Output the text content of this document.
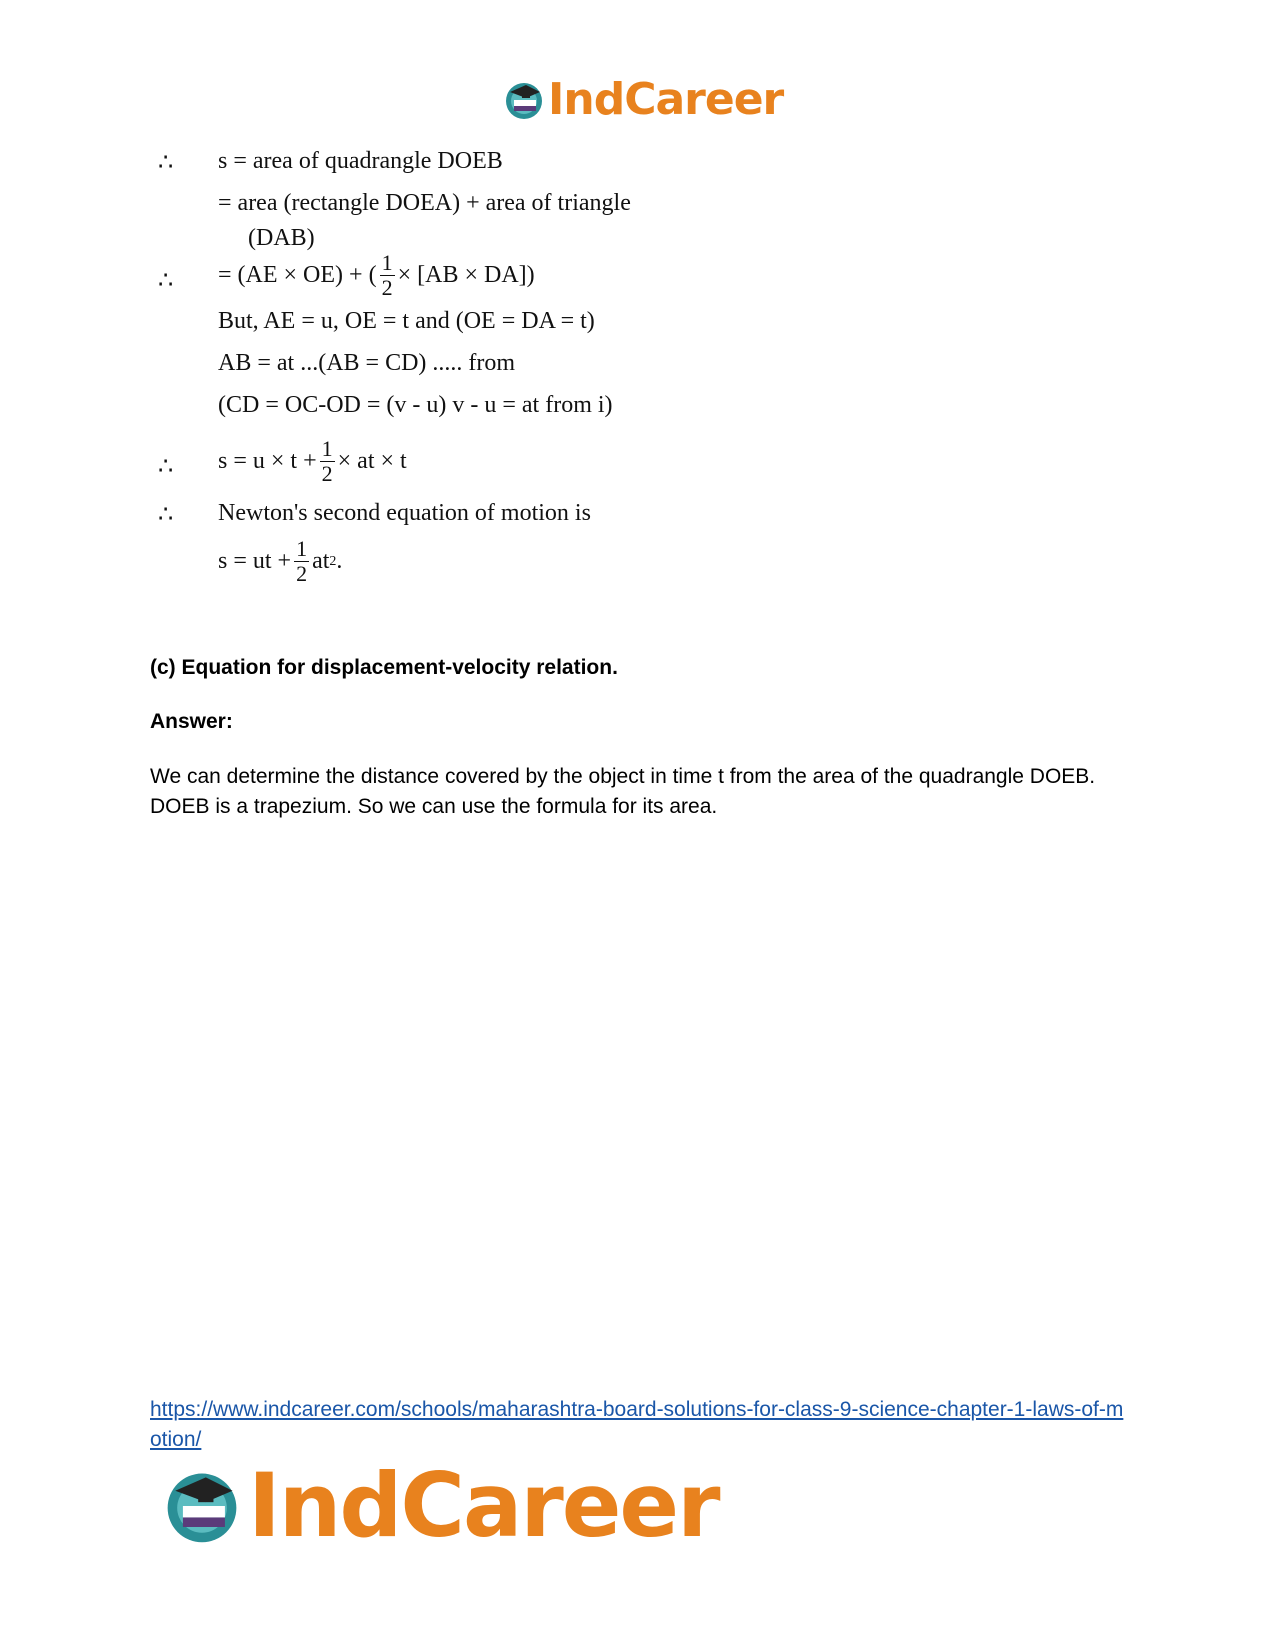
IndCareer
∴ s = area of quadrangle DOEB
= area (rectangle DOEA) + area of triangle
(DAB)
∴ = (AE × OE) + ( $\frac{1}{2} \times [AB \times DA]$)
But, AE = u, OE = t and (OE = DA = t)
AB = at ...(AB = CD) ..... from
(CD = OC-OD = (v - u) v - u = at from i)
∴ $s = u \times t + \frac{1}{2}$ × at × t
∴ Newton's second equation of motion is
s = ut + $\frac{1}{2}$ at 2 .
(c) Equation for displacement-velocity relation.
Answer:
We can determine the distance covered by the object in time t from the area of the quadrangle DOEB. DOEB is a trapezium. So we can use the formula for its area.
https://www.indcareer.com/schools/maharashtra-board-solutions-for-class-9-science-chapter-1-laws-of-motion/
IndCareer
